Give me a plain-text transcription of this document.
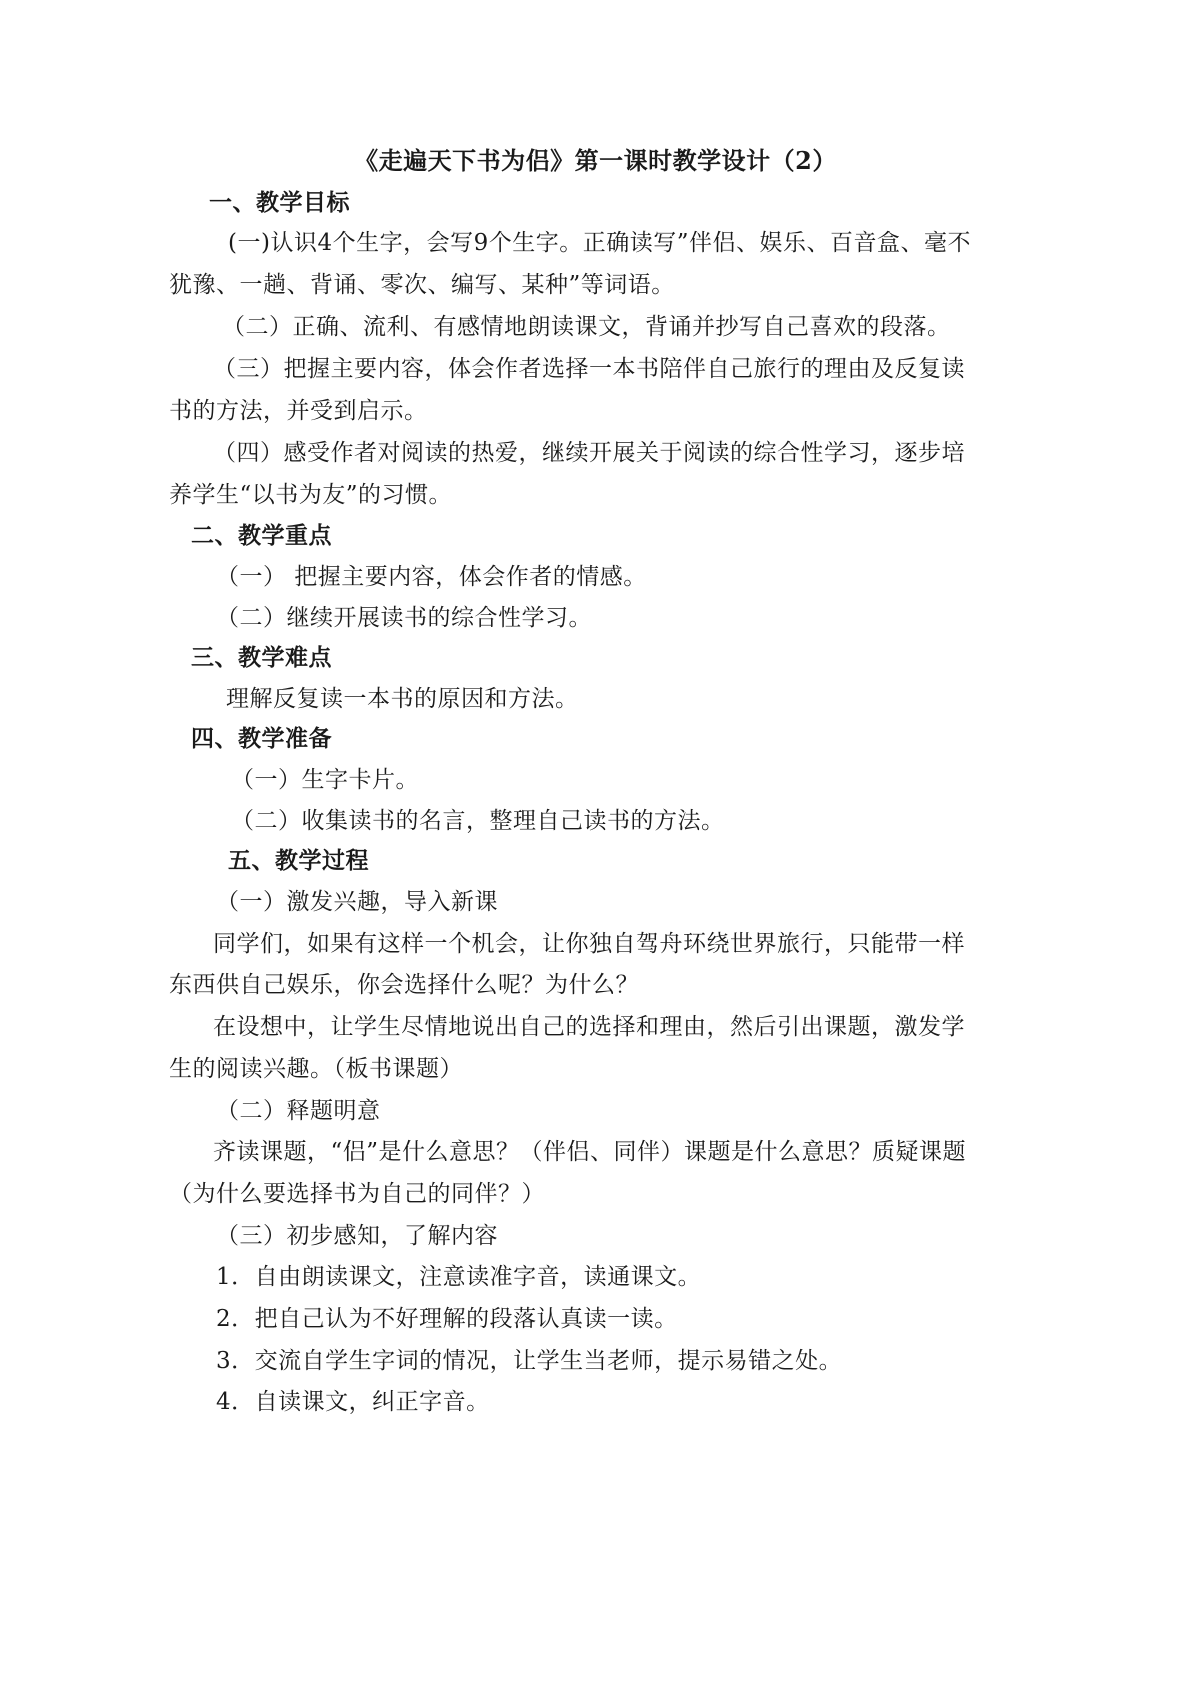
《走遍天下书为侣》第一课时教学设计（2）
一、教学目标
(一)认识4个生字，会写9个生字。正确读写”伴侣、娱乐、百音盒、毫不
犹豫、一趟、背诵、零次、编写、某种”等词语。
（二）正确、流利、有感情地朗读课文，背诵并抄写自己喜欢的段落。
（三）把握主要内容，体会作者选择一本书陪伴自己旅行的理由及反复读
书的方法，并受到启示。
（四）感受作者对阅读的热爱，继续开展关于阅读的综合性学习，逐步培
养学生“以书为友”的习惯。
二、教学重点
（一） 把握主要内容，体会作者的情感。
（二）继续开展读书的综合性学习。
三、教学难点
理解反复读一本书的原因和方法。
四、教学准备
（一）生字卡片。
（二）收集读书的名言，整理自己读书的方法。
五、教学过程
（一）激发兴趣，导入新课
同学们，如果有这样一个机会，让你独自驾舟环绕世界旅行，只能带一样
东西供自己娱乐，你会选择什么呢？为什么？
在设想中，让学生尽情地说出自己的选择和理由，然后引出课题，激发学
生的阅读兴趣。（板书课题）
（二）释题明意
齐读课题，“侣”是什么意思？（伴侣、同伴）课题是什么意思？质疑课题
（为什么要选择书为自己的同伴？）
（三）初步感知，了解内容
1．自由朗读课文，注意读准字音，读通课文。
2．把自己认为不好理解的段落认真读一读。
3．交流自学生字词的情况，让学生当老师，提示易错之处。
4．自读课文，纠正字音。
